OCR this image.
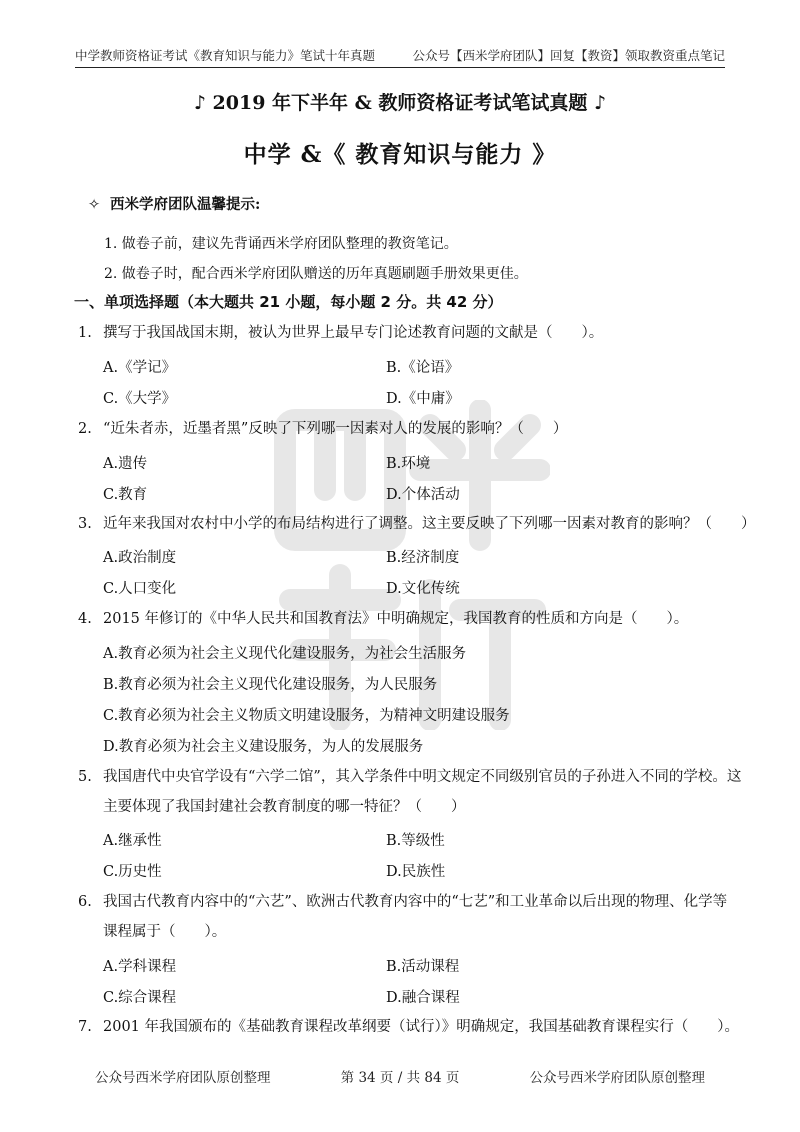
中学教师资格证考试《教育知识与能力》笔试十年真题	公众号【西米学府团队】回复【教资】领取教资重点笔记
♪ 2019 年下半年 & 教师资格证考试笔试真题 ♪
中学 &《 教育知识与能力 》
✧ 西米学府团队温馨提示:
1. 做卷子前，建议先背诵西米学府团队整理的教资笔记。
2. 做卷子时，配合西米学府团队赠送的历年真题刷题手册效果更佳。
一、单项选择题（本大题共 21 小题，每小题 2 分。共 42 分）
1. 撰写于我国战国末期，被认为世界上最早专门论述教育问题的文献是（　　）。
A.《学记》	B.《论语》
C.《大学》	D.《中庸》
2. “近朱者赤，近墨者黑”反映了下列哪一因素对人的发展的影响？（　　）
A.遗传	B.环境
C.教育	D.个体活动
3. 近年来我国对农村中小学的布局结构进行了调整。这主要反映了下列哪一因素对教育的影响？（　　）
A.政治制度	B.经济制度
C.人口变化	D.文化传统
4. 2015 年修订的《中华人民共和国教育法》中明确规定，我国教育的性质和方向是（　　）。
A.教育必须为社会主义现代化建设服务，为社会生活服务
B.教育必须为社会主义现代化建设服务，为人民服务
C.教育必须为社会主义物质文明建设服务，为精神文明建设服务
D.教育必须为社会主义建设服务，为人的发展服务
5. 我国唐代中央官学设有“六学二馆”，其入学条件中明文规定不同级别官员的子孙进入不同的学校。这
主要体现了我国封建社会教育制度的哪一特征？（　　）
A.继承性	B.等级性
C.历史性	D.民族性
6. 我国古代教育内容中的“六艺”、欧洲古代教育内容中的“七艺”和工业革命以后出现的物理、化学等
课程属于（　　）。
A.学科课程	B.活动课程
C.综合课程	D.融合课程
7. 2001 年我国颁布的《基础教育课程改革纲要（试行）》明确规定，我国基础教育课程实行（　　）。
公众号西米学府团队原创整理	第 34 页 / 共 84 页	公众号西米学府团队原创整理
